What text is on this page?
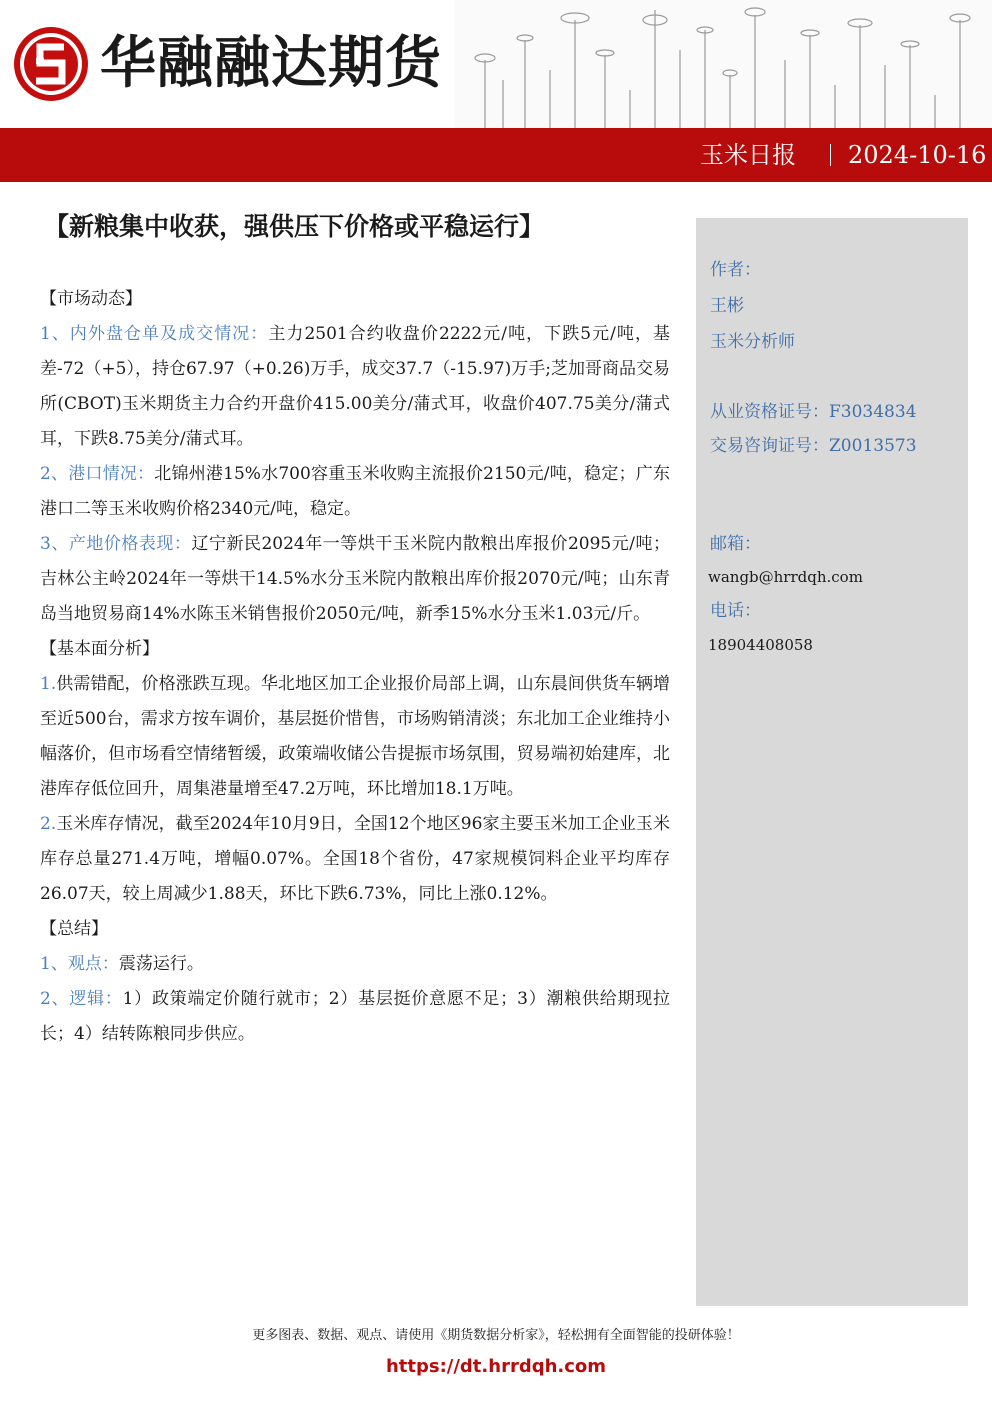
华融融达期货
玉米日报 2024-10-16
【新粮集中收获，强供压下价格或平稳运行】

【市场动态】

1、内外盘仓单及成交情况：主力2501合约收盘价2222元/吨，下跌5元/吨，基差-72（+5），持仓67.97（+0.26)万手，成交37.7（-15.97)万手;芝加哥商品交易所(CBOT)玉米期货主力合约开盘价415.00美分/蒲式耳，收盘价407.75美分/蒲式耳，下跌8.75美分/蒲式耳。

2、港口情况：北锦州港15%水700容重玉米收购主流报价2150元/吨，稳定；广东港口二等玉米收购价格2340元/吨，稳定。

3、产地价格表现：辽宁新民2024年一等烘干玉米院内散粮出库报价2095元/吨；吉林公主岭2024年一等烘干14.5%水分玉米院内散粮出库价报2070元/吨；山东青岛当地贸易商14%水陈玉米销售报价2050元/吨，新季15%水分玉米1.03元/斤。

【基本面分析】

1.供需错配，价格涨跌互现。华北地区加工企业报价局部上调，山东晨间供货车辆增至近500台，需求方按车调价，基层挺价惜售，市场购销清淡；东北加工企业维持小幅落价，但市场看空情绪暂缓，政策端收储公告提振市场氛围，贸易端初始建库，北港库存低位回升，周集港量增至47.2万吨，环比增加18.1万吨。

2.玉米库存情况，截至2024年10月9日，全国12个地区96家主要玉米加工企业玉米库存总量271.4万吨，增幅0.07%。全国18个省份，47家规模饲料企业平均库存26.07天，较上周减少1.88天，环比下跌6.73%，同比上涨0.12%。

【总结】

1、观点：震荡运行。

2、逻辑：1）政策端定价随行就市；2）基层挺价意愿不足；3）潮粮供给期现拉长；4）结转陈粮同步供应。

作者：
王彬
玉米分析师
从业资格证号：F3034834
交易咨询证号：Z0013573
邮箱：
wangb@hrrdqh.com
电话：
18904408058
更多图表、数据、观点、请使用《期货数据分析家》，轻松拥有全面智能的投研体验！
https://dt.hrrdqh.com
